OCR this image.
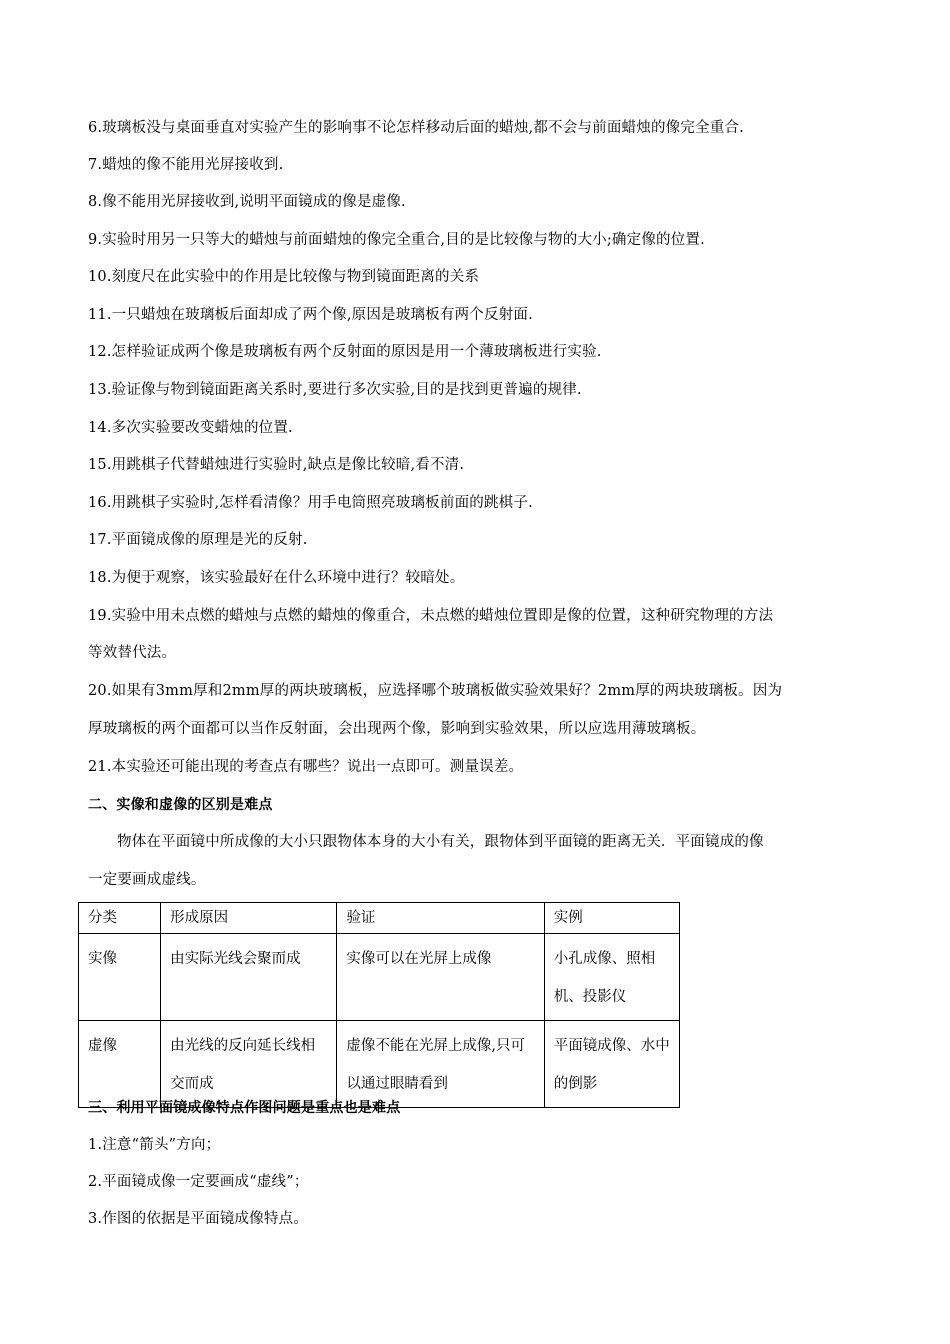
6.玻璃板没与桌面垂直对实验产生的影响事不论怎样移动后面的蜡烛,都不会与前面蜡烛的像完全重合.
7.蜡烛的像不能用光屏接收到.
8.像不能用光屏接收到,说明平面镜成的像是虚像.
9.实验时用另一只等大的蜡烛与前面蜡烛的像完全重合,目的是比较像与物的大小;确定像的位置.
10.刻度尺在此实验中的作用是比较像与物到镜面距离的关系
11.一只蜡烛在玻璃板后面却成了两个像,原因是玻璃板有两个反射面.
12.怎样验证成两个像是玻璃板有两个反射面的原因是用一个薄玻璃板进行实验.
13.验证像与物到镜面距离关系时,要进行多次实验,目的是找到更普遍的规律.
14.多次实验要改变蜡烛的位置.
15.用跳棋子代替蜡烛进行实验时,缺点是像比较暗,看不清.
16.用跳棋子实验时,怎样看清像？用手电筒照亮玻璃板前面的跳棋子.
17.平面镜成像的原理是光的反射.
18.为便于观察，该实验最好在什么环境中进行？较暗处。
19.实验中用未点燃的蜡烛与点燃的蜡烛的像重合，未点燃的蜡烛位置即是像的位置，这种研究物理的方法
等效替代法。
20.如果有3mm厚和2mm厚的两块玻璃板，应选择哪个玻璃板做实验效果好？2mm厚的两块玻璃板。因为
厚玻璃板的两个面都可以当作反射面，会出现两个像，影响到实验效果，所以应选用薄玻璃板。
21.本实验还可能出现的考查点有哪些？说出一点即可。测量误差。
二、实像和虚像的区别是难点
物体在平面镜中所成像的大小只跟物体本身的大小有关，跟物体到平面镜的距离无关．平面镜成的像
一定要画成虚线。
分类	形成原因	验证	实例
实像	由实际光线会聚而成	实像可以在光屏上成像	小孔成像、照相机、投影仪
虚像	由光线的反向延长线相交而成	虚像不能在光屏上成像,只可以通过眼睛看到	平面镜成像、水中的倒影
三、利用平面镜成像特点作图问题是重点也是难点
1.注意“箭头”方向；
2.平面镜成像一定要画成“虚线”；
3.作图的依据是平面镜成像特点。
